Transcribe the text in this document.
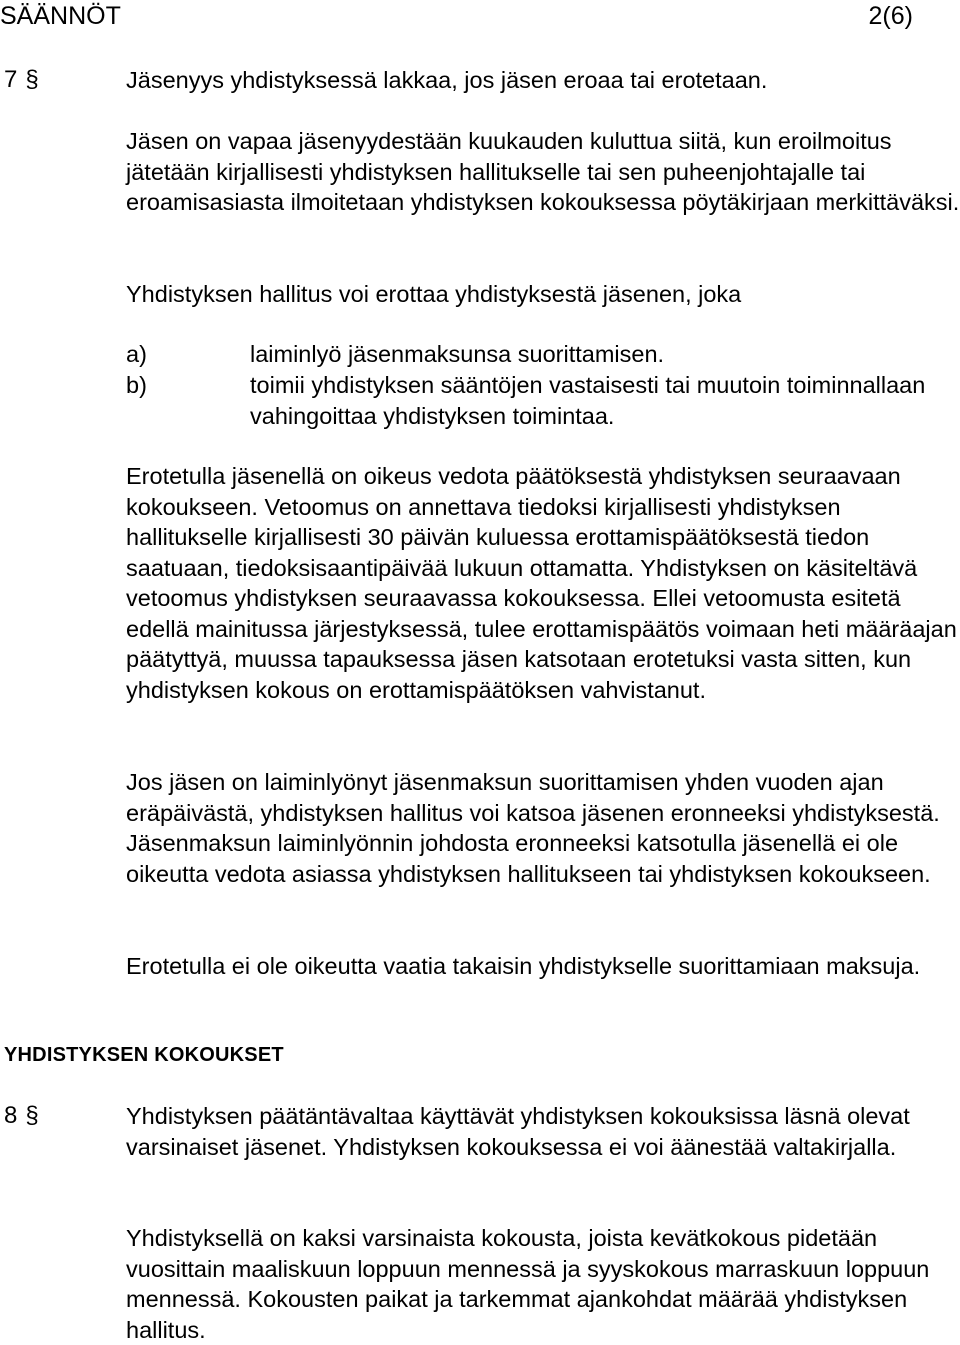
SÄÄNNÖT	2(6)
7 §	Jäsenyys yhdistyksessä lakkaa, jos jäsen eroaa tai erotetaan.

Jäsen on vapaa jäsenyydestään kuukauden kuluttua siitä, kun eroilmoitus jätetään kirjallisesti yhdistyksen hallitukselle tai sen puheenjohtajalle tai eroamisasiasta ilmoitetaan yhdistyksen kokouksessa pöytäkirjaan merkittäväksi.

Yhdistyksen hallitus voi erottaa yhdistyksestä jäsenen, joka

a)	laiminlyö jäsenmaksunsa suorittamisen.
b)	toimii yhdistyksen sääntöjen vastaisesti tai muutoin toiminnallaan vahingoittaa yhdistyksen toimintaa.

Erotetulla jäsenellä on oikeus vedota päätöksestä yhdistyksen seuraavaan kokoukseen. Vetoomus on annettava tiedoksi kirjallisesti yhdistyksen hallitukselle kirjallisesti 30 päivän kuluessa erottamispäätöksestä tiedon saatuaan, tiedoksisaantipäivää lukuun ottamatta. Yhdistyksen on käsiteltävä vetoomus yhdistyksen seuraavassa kokouksessa. Ellei vetoomusta esitetä edellä mainitussa järjestyksessä, tulee erottamispäätös voimaan heti määräajan päätyttyä, muussa tapauksessa jäsen katsotaan erotetuksi vasta sitten, kun yhdistyksen kokous on erottamispäätöksen vahvistanut.

Jos jäsen on laiminlyönyt jäsenmaksun suorittamisen yhden vuoden ajan eräpäivästä, yhdistyksen hallitus voi katsoa jäsenen eronneeksi yhdistyksestä. Jäsenmaksun laiminlyönnin johdosta eronneeksi katsotulla jäsenellä ei ole oikeutta vedota asiassa yhdistyksen hallitukseen tai yhdistyksen kokoukseen.

Erotetulla ei ole oikeutta vaatia takaisin yhdistykselle suorittamiaan maksuja.

YHDISTYKSEN KOKOUKSET
8 §	Yhdistyksen päätäntävaltaa käyttävät yhdistyksen kokouksissa läsnä olevat varsinaiset jäsenet. Yhdistyksen kokouksessa ei voi äänestää valtakirjalla.

Yhdistyksellä on kaksi varsinaista kokousta, joista kevätkokous pidetään vuosittain maaliskuun loppuun mennessä ja syyskokous marraskuun loppuun mennessä. Kokousten paikat ja tarkemmat ajankohdat määrää yhdistyksen hallitus.
